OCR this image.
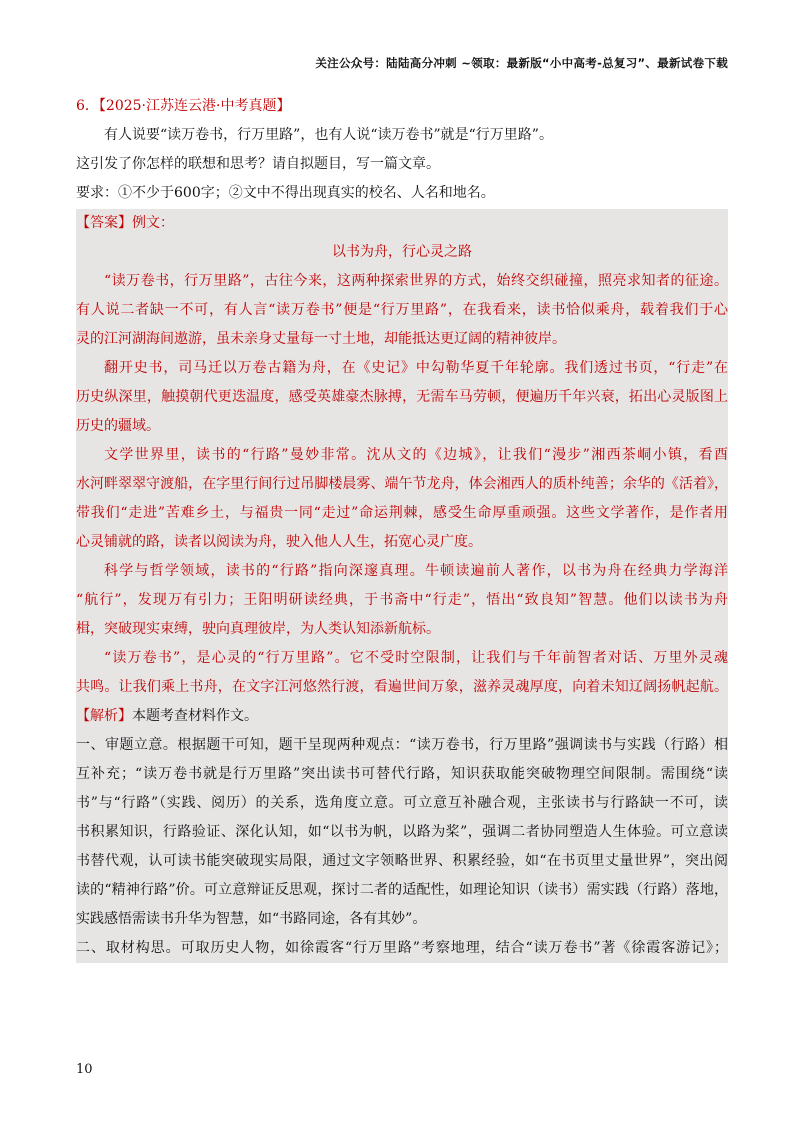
关注公众号：陆陆高分冲刺 ~领取：最新版“小中高考-总复习”、最新试卷下载
6．【2025·江苏连云港·中考真题】
有人说要“读万卷书，行万里路”，也有人说“读万卷书”就是“行万里路”。
这引发了你怎样的联想和思考？请自拟题目，写一篇文章。
要求：①不少于600字；②文中不得出现真实的校名、人名和地名。
【答案】例文：
以书为舟，行心灵之路
“读万卷书，行万里路”，古往今来，这两种探索世界的方式，始终交织碰撞，照亮求知者的征途。
有人说二者缺一不可，有人言“读万卷书”便是“行万里路”，在我看来，读书恰似乘舟，载着我们于心
灵的江河湖海间遨游，虽未亲身丈量每一寸土地，却能抵达更辽阔的精神彼岸。
翻开史书，司马迁以万卷古籍为舟，在《史记》中勾勒华夏千年轮廓。我们透过书页，“行走”在
历史纵深里，触摸朝代更迭温度，感受英雄豪杰脉搏，无需车马劳顿，便遍历千年兴衰，拓出心灵版图上
历史的疆域。
文学世界里，读书的“行路”曼妙非常。沈从文的《边城》，让我们“漫步”湘西茶峒小镇，看酉
水河畔翠翠守渡船，在字里行间行过吊脚楼晨雾、端午节龙舟，体会湘西人的质朴纯善；余华的《活着》，
带我们“走进”苦难乡土，与福贵一同“走过”命运荆棘，感受生命厚重顽强。这些文学著作，是作者用
心灵铺就的路，读者以阅读为舟，驶入他人人生，拓宽心灵广度。
科学与哲学领域，读书的“行路”指向深邃真理。牛顿读遍前人著作，以书为舟在经典力学海洋
“航行”，发现万有引力；王阳明研读经典，于书斋中“行走”，悟出“致良知”智慧。他们以读书为舟
楫，突破现实束缚，驶向真理彼岸，为人类认知添新航标。
“读万卷书”，是心灵的“行万里路”。它不受时空限制，让我们与千年前智者对话、万里外灵魂
共鸣。让我们乘上书舟，在文字江河悠然行渡，看遍世间万象，滋养灵魂厚度，向着未知辽阔扬帆起航。
【解析】本题考查材料作文。
一、审题立意。根据题干可知，题干呈现两种观点：“读万卷书，行万里路”强调读书与实践（行路）相
互补充；“读万卷书就是行万里路”突出读书可替代行路，知识获取能突破物理空间限制。需围绕“读
书”与“行路”（实践、阅历）的关系，选角度立意。可立意互补融合观，主张读书与行路缺一不可，读
书积累知识，行路验证、深化认知，如“以书为帆，以路为桨”，强调二者协同塑造人生体验。可立意读
书替代观，认可读书能突破现实局限，通过文字领略世界、积累经验，如“在书页里丈量世界”，突出阅
读的“精神行路”价。可立意辩证反思观，探讨二者的适配性，如理论知识（读书）需实践（行路）落地，
实践感悟需读书升华为智慧，如“书路同途，各有其妙”。
二、取材构思。可取历史人物，如徐霞客“行万里路”考察地理，结合“读万卷书”著《徐霞客游记》；
10
